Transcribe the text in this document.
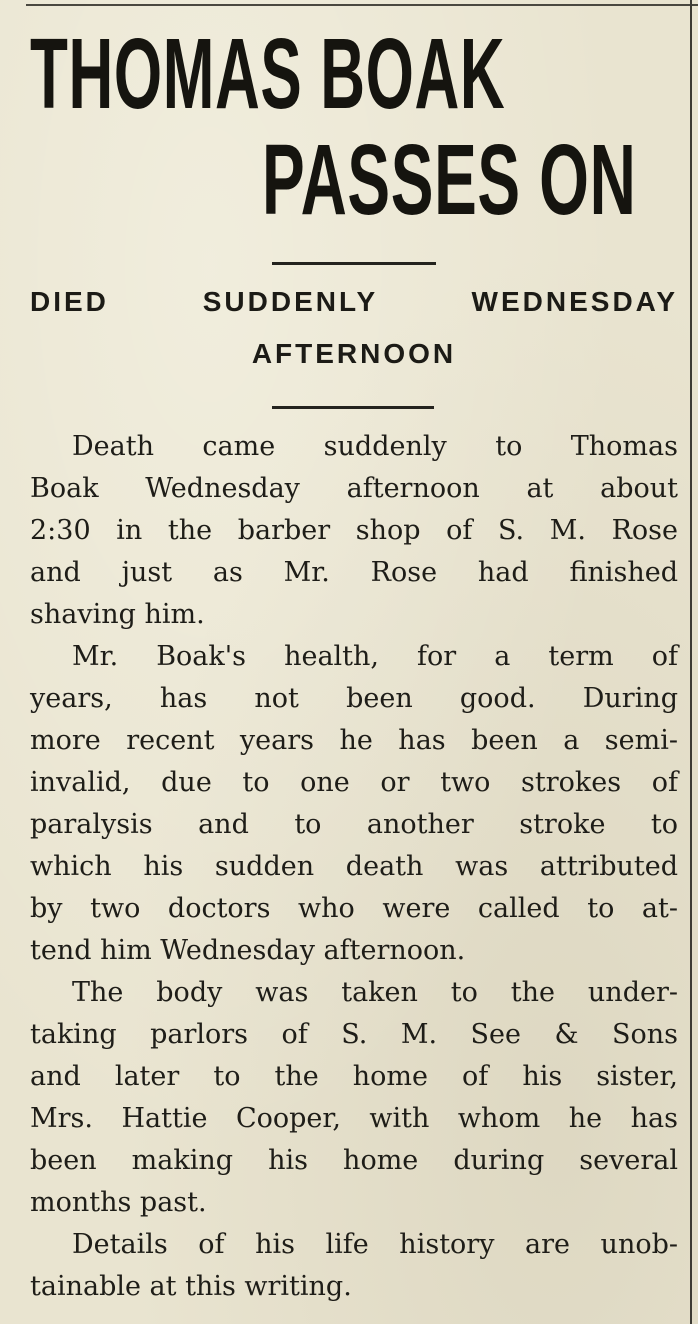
THOMAS BOAK
PASSES ON
DIED SUDDENLY WEDNESDAY
AFTERNOON
Death came suddenly to Thomas
Boak Wednesday afternoon at about
2:30 in the barber shop of S. M. Rose
and just as Mr. Rose had finished
shaving him.
Mr. Boak's health, for a term of
years, has not been good. During
more recent years he has been a semi-
invalid, due to one or two strokes of
paralysis and to another stroke to
which his sudden death was attributed
by two doctors who were called to at-
tend him Wednesday afternoon.
The body was taken to the under-
taking parlors of S. M. See & Sons
and later to the home of his sister,
Mrs. Hattie Cooper, with whom he has
been making his home during several
months past.
Details of his life history are unob-
tainable at this writing.
